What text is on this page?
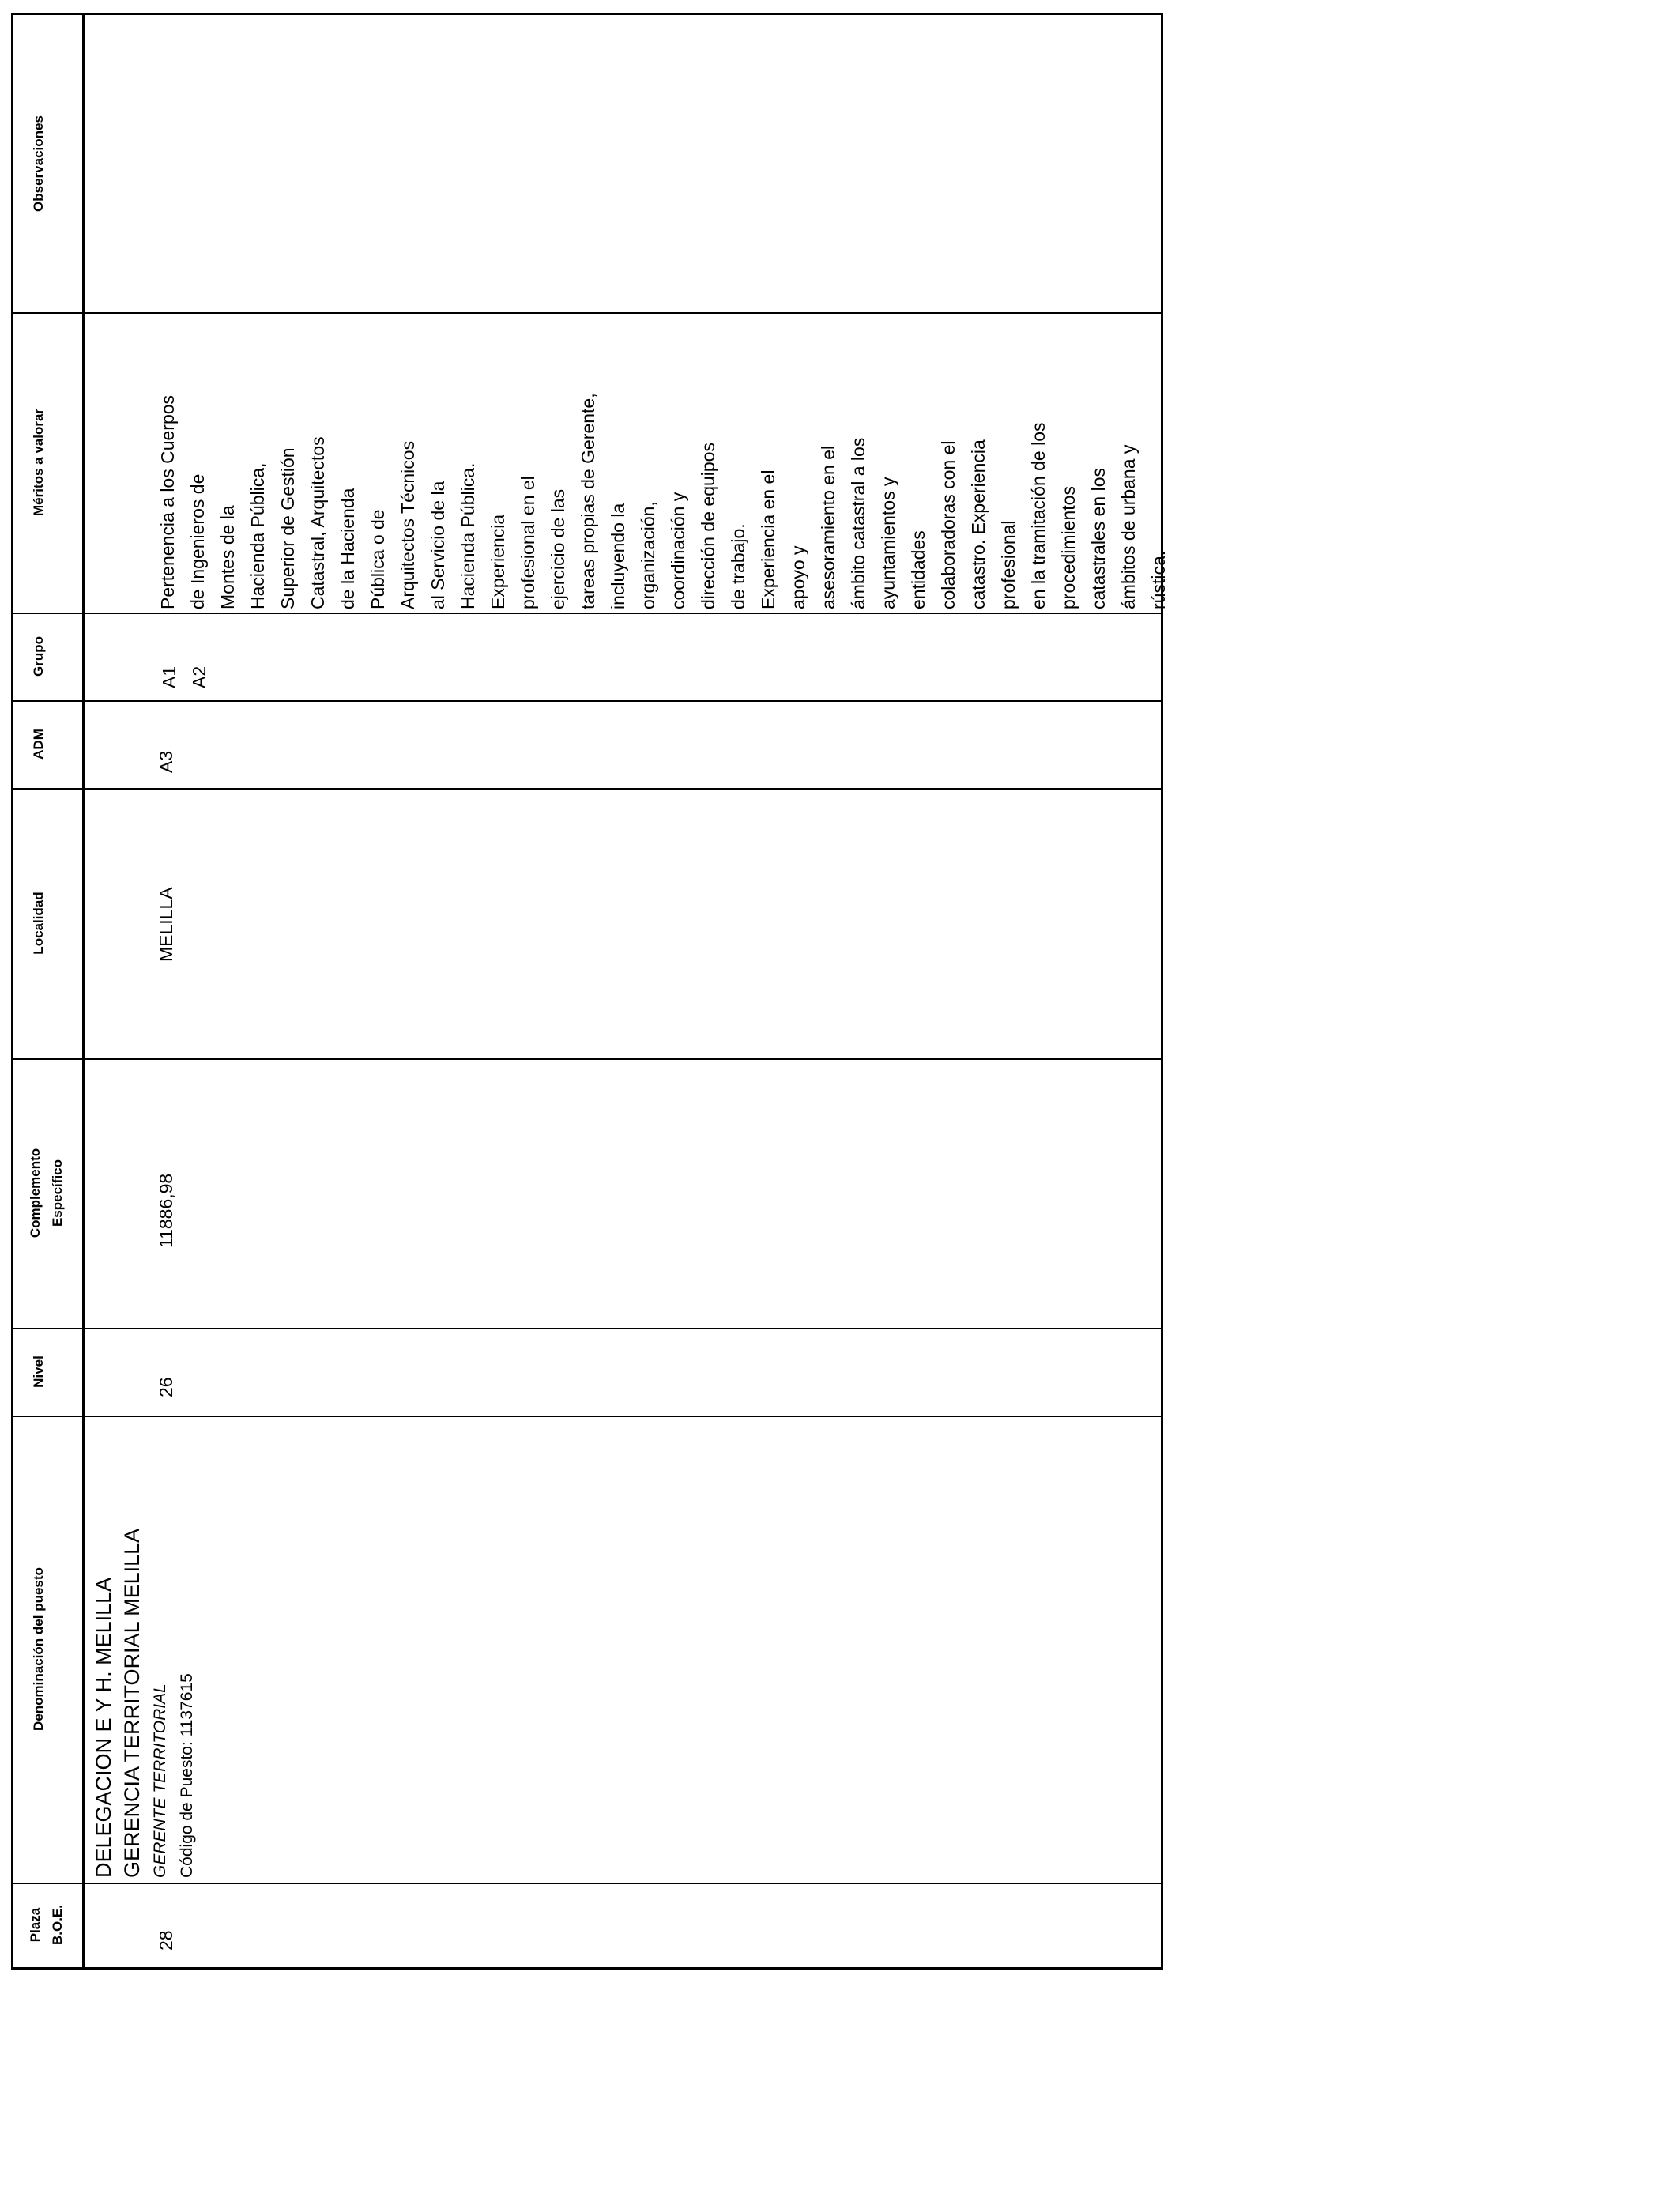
Observaciones
Méritos a valorar
Grupo
ADM
Localidad
Complemento Específico
Nivel
Denominación del puesto
Plaza B.O.E.
Pertenencia a los Cuerpos de Ingenieros de Montes de la Hacienda Pública, Superior de Gestión Catastral, Arquitectos de la Hacienda Pública o de Arquitectos Técnicos al Servicio de la Hacienda Pública. Experiencia profesional en el ejercicio de las tareas propias de Gerente, incluyendo la organización, coordinación y dirección de equipos de trabajo. Experiencia en el apoyo y asesoramiento en el ámbito catastral a los ayuntamientos y entidades colaboradoras con el catastro. Experiencia profesional en la tramitación de los procedimientos catastrales en los ámbitos de urbana y rústica.
A1 A2
A3
MELILLA
11886,98
26
DELEGACION E Y H. MELILLA GERENCIA TERRITORIAL MELILLA GERENTE TERRITORIAL Código de Puesto: 1137615
28
